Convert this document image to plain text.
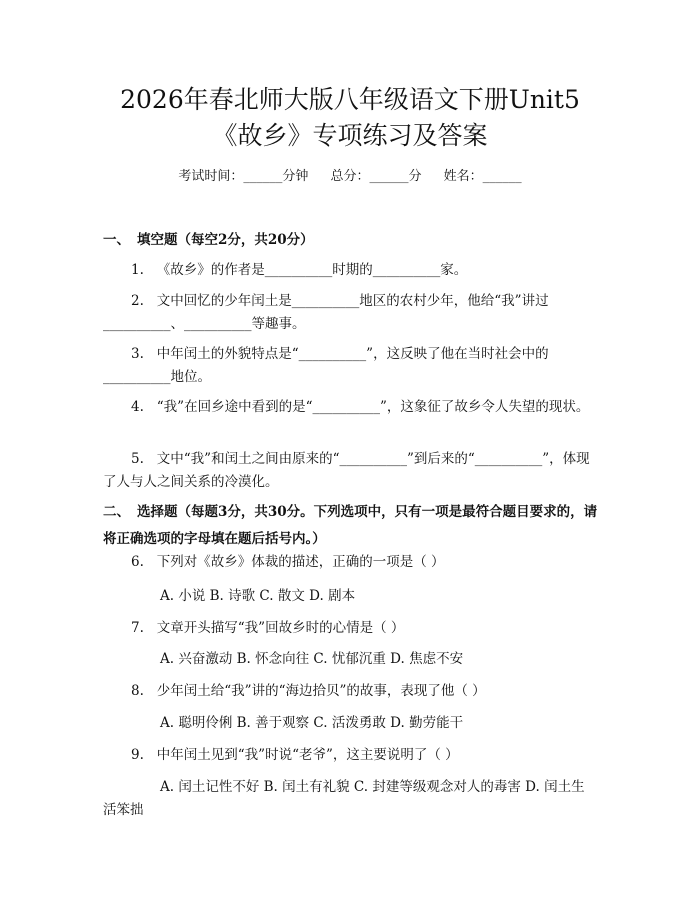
2026年春北师大版八年级语文下册Unit5
《故乡》专项练习及答案
考试时间：______分钟 总分：______分 姓名：______
一、 填空题（每空2分，共20分）
1. 《故乡》的作者是__________时期的__________家。
2. 文中回忆的少年闰土是__________地区的农村少年，他给“我”讲过__________、__________等趣事。
3. 中年闰土的外貌特点是“__________”，这反映了他在当时社会中的__________地位。
4. “我”在回乡途中看到的是“__________”，这象征了故乡令人失望的现状。
5. 文中“我”和闰土之间由原来的“__________”到后来的“__________”，体现了人与人之间关系的冷漠化。
二、 选择题（每题3分，共30分。下列选项中，只有一项是最符合题目要求的，请将正确选项的字母填在题后括号内。）
6. 下列对《故乡》体裁的描述，正确的一项是（ ）
A. 小说 B. 诗歌 C. 散文 D. 剧本
7. 文章开头描写“我”回故乡时的心情是（ ）
A. 兴奋激动 B. 怀念向往 C. 忧郁沉重 D. 焦虑不安
8. 少年闰土给“我”讲的“海边拾贝”的故事，表现了他（ ）
A. 聪明伶俐 B. 善于观察 C. 活泼勇敢 D. 勤劳能干
9. 中年闰土见到“我”时说“老爷”，这主要说明了（ ）
A. 闰土记性不好 B. 闰土有礼貌 C. 封建等级观念对人的毒害 D. 闰土生活笨拙
